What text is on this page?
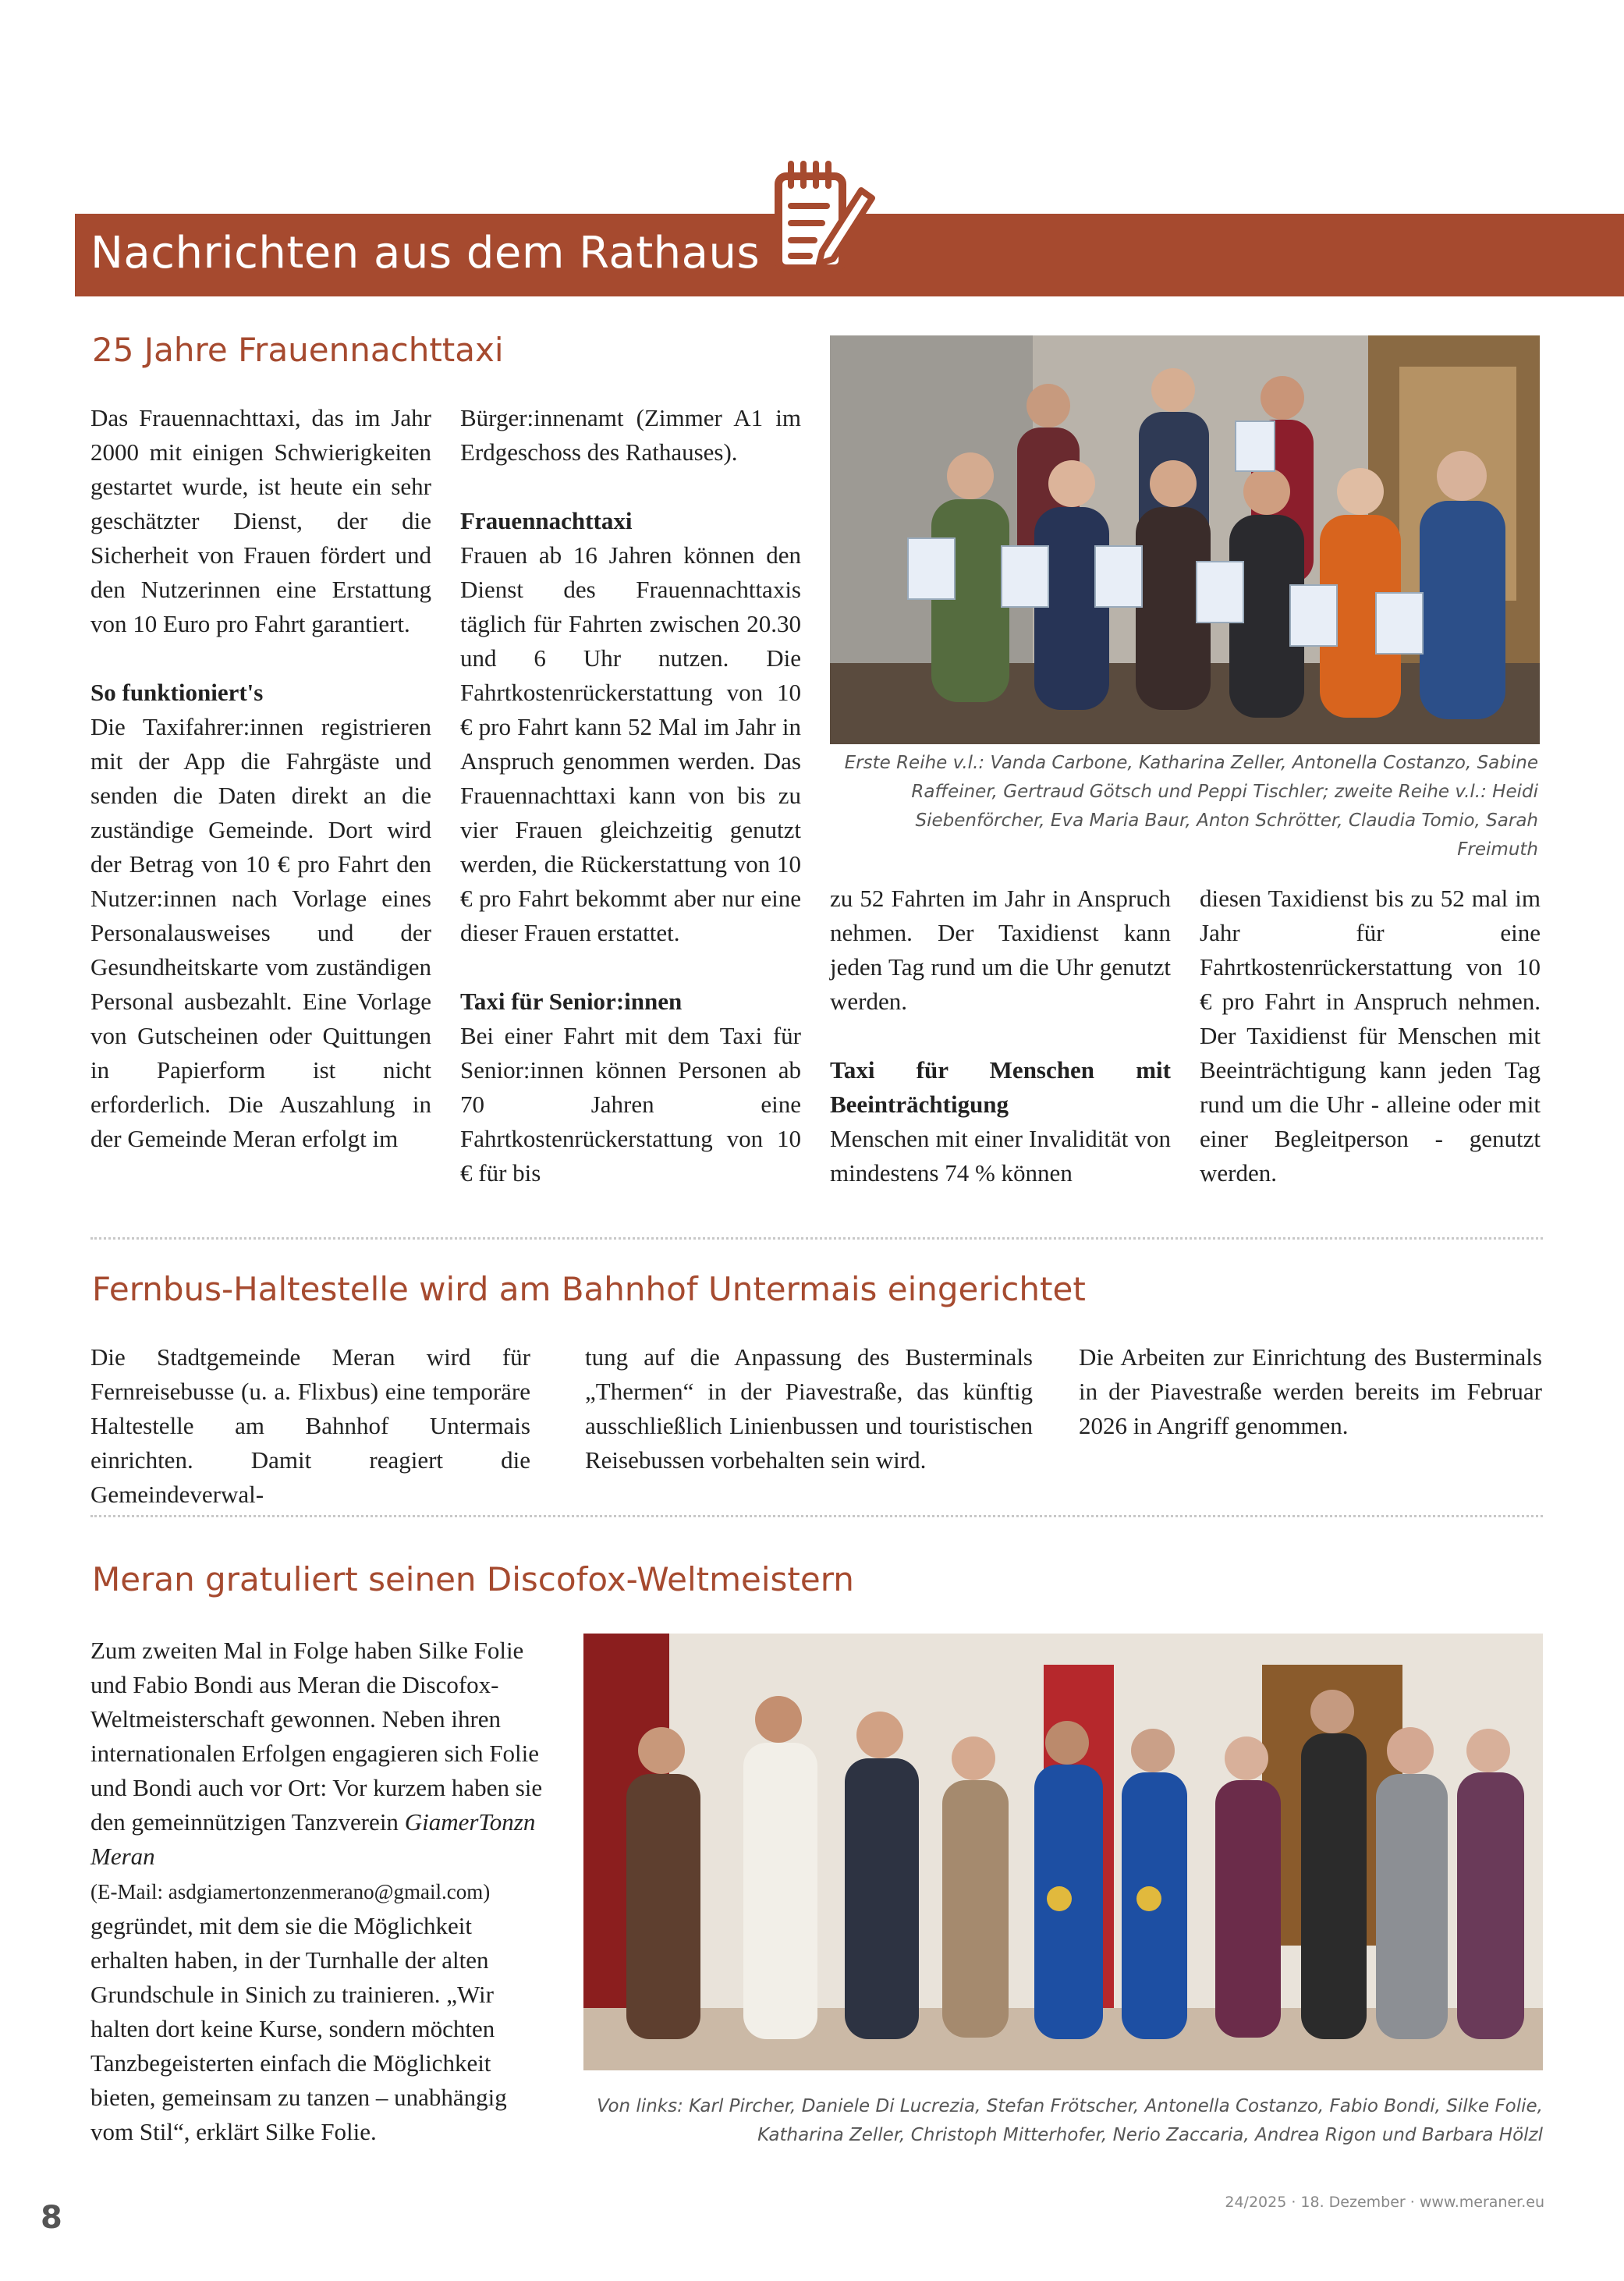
Nachrichten aus dem Rathaus
25 Jahre Frauennachttaxi

Das Frauennachttaxi, das im Jahr 2000 mit einigen Schwierigkeiten gestartet wurde, ist heute ein sehr geschätzter Dienst, der die Sicherheit von Frauen fördert und den Nutzerinnen eine Erstattung von 10 Euro pro Fahrt garantiert.

So funktioniert's
Die Taxifahrer:innen registrieren mit der App die Fahrgäste und senden die Daten direkt an die zuständige Gemeinde. Dort wird der Betrag von 10 € pro Fahrt den Nutzer:innen nach Vorlage eines Personalausweises und der Gesundheitskarte vom zuständigen Personal ausbezahlt. Eine Vorlage von Gutscheinen oder Quittungen in Papierform ist nicht erforderlich. Die Auszahlung in der Gemeinde Meran erfolgt im

Bürger:innenamt (Zimmer A1 im Erdgeschoss des Rathauses).

Frauennachttaxi
Frauen ab 16 Jahren können den Dienst des Frauennachttaxis täglich für Fahrten zwischen 20.30 und 6 Uhr nutzen. Die Fahrtkostenrückerstattung von 10 € pro Fahrt kann 52 Mal im Jahr in Anspruch genommen werden. Das Frauennachttaxi kann von bis zu vier Frauen gleichzeitig genutzt werden, die Rückerstattung von 10 € pro Fahrt bekommt aber nur eine dieser Frauen erstattet.

Taxi für Senior:innen
Bei einer Fahrt mit dem Taxi für Senior:innen können Personen ab 70 Jahren eine Fahrtkostenrückerstattung von 10 € für bis

Erste Reihe v.l.: Vanda Carbone, Katharina Zeller, Antonella Costanzo, Sabine Raffeiner, Gertraud Götsch und Peppi Tischler; zweite Reihe v.l.: Heidi Siebenförcher, Eva Maria Baur, Anton Schrötter, Claudia Tomio, Sarah Freimuth

zu 52 Fahrten im Jahr in Anspruch nehmen. Der Taxidienst kann jeden Tag rund um die Uhr genutzt werden.

Taxi für Menschen mit Beeinträchtigung
Menschen mit einer Invalidität von mindestens 74 % können

diesen Taxidienst bis zu 52 mal im Jahr für eine Fahrtkostenrückerstattung von 10 € pro Fahrt in Anspruch nehmen. Der Taxidienst für Menschen mit Beeinträchtigung kann jeden Tag rund um die Uhr - alleine oder mit einer Begleitperson - genutzt werden.

Fernbus-Haltestelle wird am Bahnhof Untermais eingerichtet

Die Stadtgemeinde Meran wird für Fernreisebusse (u. a. Flixbus) eine temporäre Haltestelle am Bahnhof Untermais einrichten. Damit reagiert die Gemeindeverwal-

tung auf die Anpassung des Busterminals „Thermen“ in der Piavestraße, das künftig ausschließlich Linienbussen und touristischen Reisebussen vorbehalten sein wird.

Die Arbeiten zur Einrichtung des Busterminals in der Piavestraße werden bereits im Februar 2026 in Angriff genommen.

Meran gratuliert seinen Discofox-Weltmeistern

Zum zweiten Mal in Folge haben Silke Folie und Fabio Bondi aus Meran die Discofox-Weltmeisterschaft gewonnen. Neben ihren internationalen Erfolgen engagieren sich Folie und Bondi auch vor Ort: Vor kurzem haben sie den gemeinnützigen Tanzverein GiamerTonzn Meran
(E-Mail: asdgiamertonzenmerano@gmail.com) gegründet, mit dem sie die Möglichkeit erhalten haben, in der Turnhalle der alten Grundschule in Sinich zu trainieren. „Wir halten dort keine Kurse, sondern möchten Tanzbegeisterten einfach die Möglichkeit bieten, gemeinsam zu tanzen – unabhängig vom Stil“, erklärt Silke Folie.

Von links: Karl Pircher, Daniele Di Lucrezia, Stefan Frötscher, Antonella Costanzo, Fabio Bondi, Silke Folie, Katharina Zeller, Christoph Mitterhofer, Nerio Zaccaria, Andrea Rigon und Barbara Hölzl
8	24/2025 · 18. Dezember · www.meraner.eu
